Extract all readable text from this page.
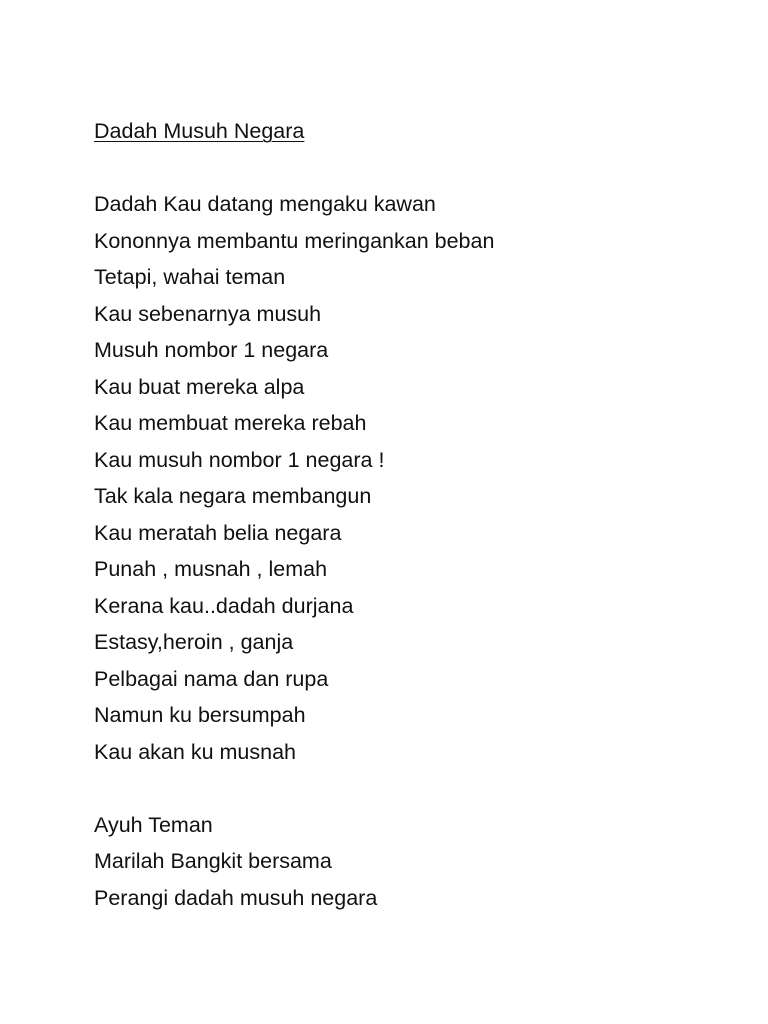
Dadah Musuh Negara
Dadah Kau datang mengaku kawan
Kononnya membantu meringankan beban
Tetapi, wahai teman
Kau sebenarnya musuh
Musuh nombor 1 negara
Kau buat mereka alpa
Kau membuat mereka rebah
Kau musuh nombor 1 negara !
Tak kala negara membangun
Kau meratah belia negara
Punah , musnah , lemah
Kerana kau..dadah durjana
Estasy,heroin , ganja
Pelbagai nama dan rupa
Namun ku bersumpah
Kau akan ku musnah
Ayuh Teman
Marilah Bangkit bersama
Perangi dadah musuh negara
